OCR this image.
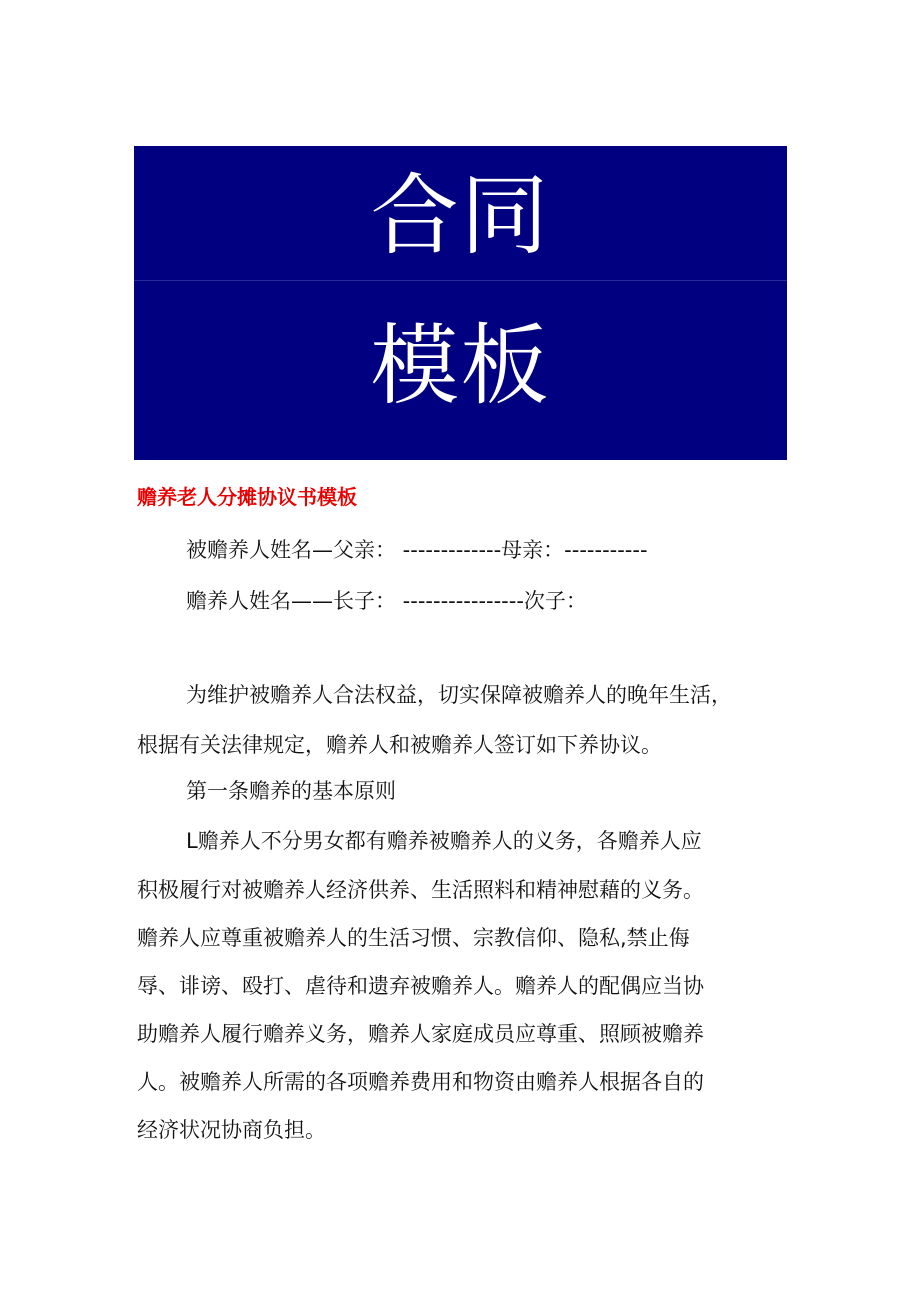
合同
模板
赡养老人分摊协议书模板
被赡养人姓名—父亲： -------------母亲：-----------
赡养人姓名——长子： ----------------次子：
为维护被赡养人合法权益，切实保障被赡养人的晚年生活，
根据有关法律规定，赡养人和被赡养人签订如下养协议。
第一条赡养的基本原则
L赡养人不分男女都有赡养被赡养人的义务，各赡养人应
积极履行对被赡养人经济供养、生活照料和精神慰藉的义务。
赡养人应尊重被赡养人的生活习惯、宗教信仰、隐私,禁止侮
辱、诽谤、殴打、虐待和遗弃被赡养人。赡养人的配偶应当协
助赡养人履行赡养义务，赡养人家庭成员应尊重、照顾被赡养
人。被赡养人所需的各项赡养费用和物资由赡养人根据各自的
经济状况协商负担。
